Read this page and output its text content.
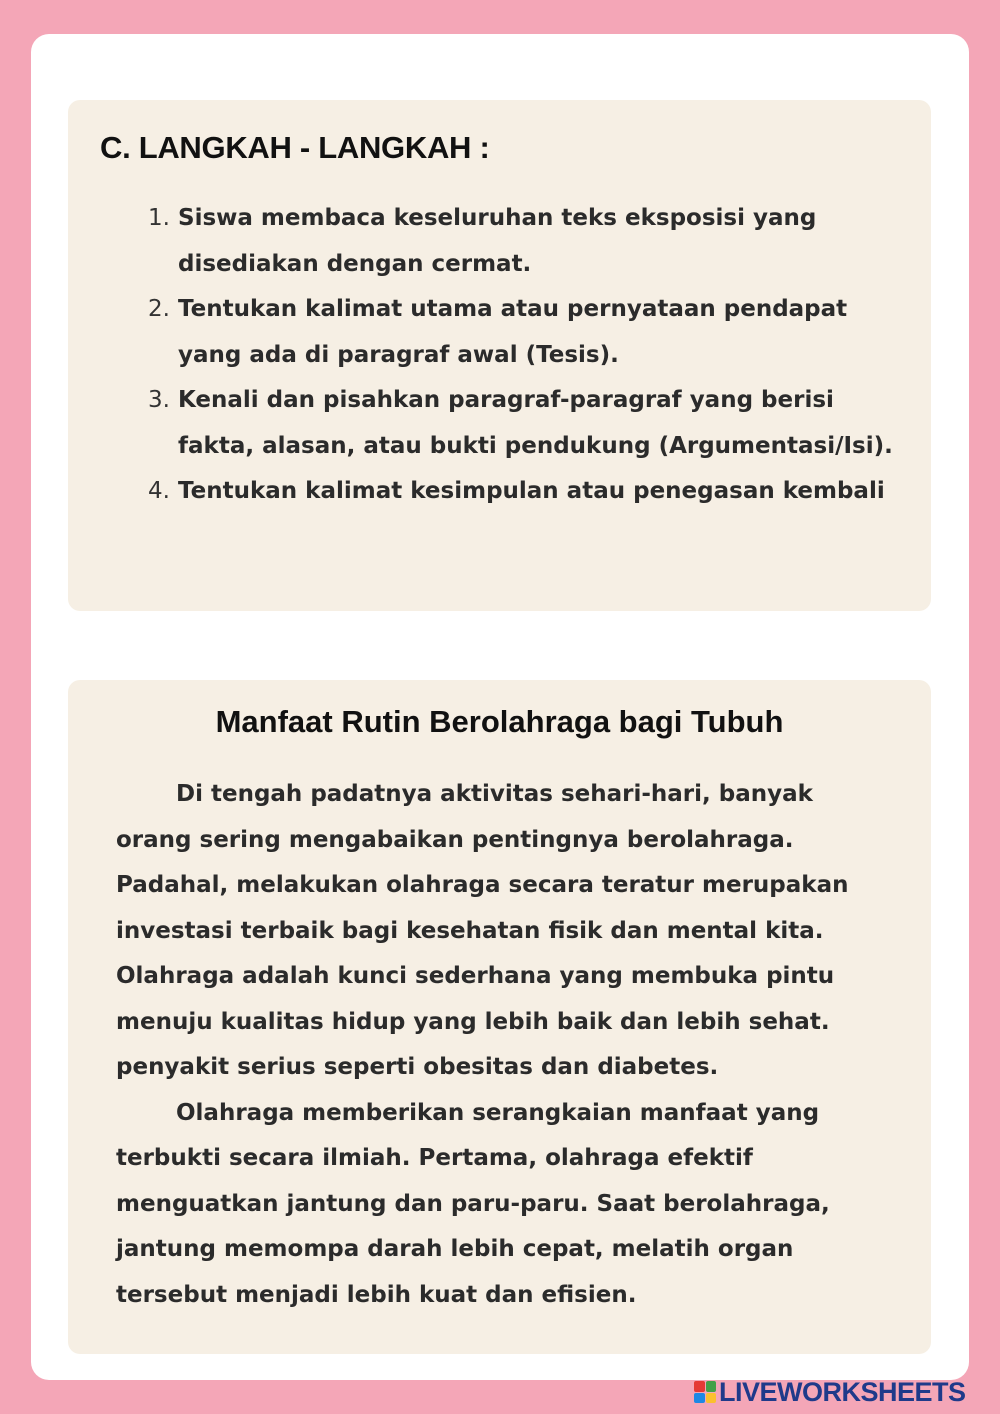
C. LANGKAH - LANGKAH :
1. Siswa membaca keseluruhan teks eksposisi yang disediakan dengan cermat.
2. Tentukan kalimat utama atau pernyataan pendapat yang ada di paragraf awal (Tesis).
3. Kenali dan pisahkan paragraf-paragraf yang berisi fakta, alasan, atau bukti pendukung (Argumentasi/Isi).
4. Tentukan kalimat kesimpulan atau penegasan kembali
Manfaat Rutin Berolahraga bagi Tubuh

Di tengah padatnya aktivitas sehari-hari, banyak orang sering mengabaikan pentingnya berolahraga. Padahal, melakukan olahraga secara teratur merupakan investasi terbaik bagi kesehatan fisik dan mental kita. Olahraga adalah kunci sederhana yang membuka pintu menuju kualitas hidup yang lebih baik dan lebih sehat. penyakit serius seperti obesitas dan diabetes.

Olahraga memberikan serangkaian manfaat yang terbukti secara ilmiah. Pertama, olahraga efektif menguatkan jantung dan paru-paru. Saat berolahraga, jantung memompa darah lebih cepat, melatih organ tersebut menjadi lebih kuat dan efisien.

LIVEWORKSHEETS
